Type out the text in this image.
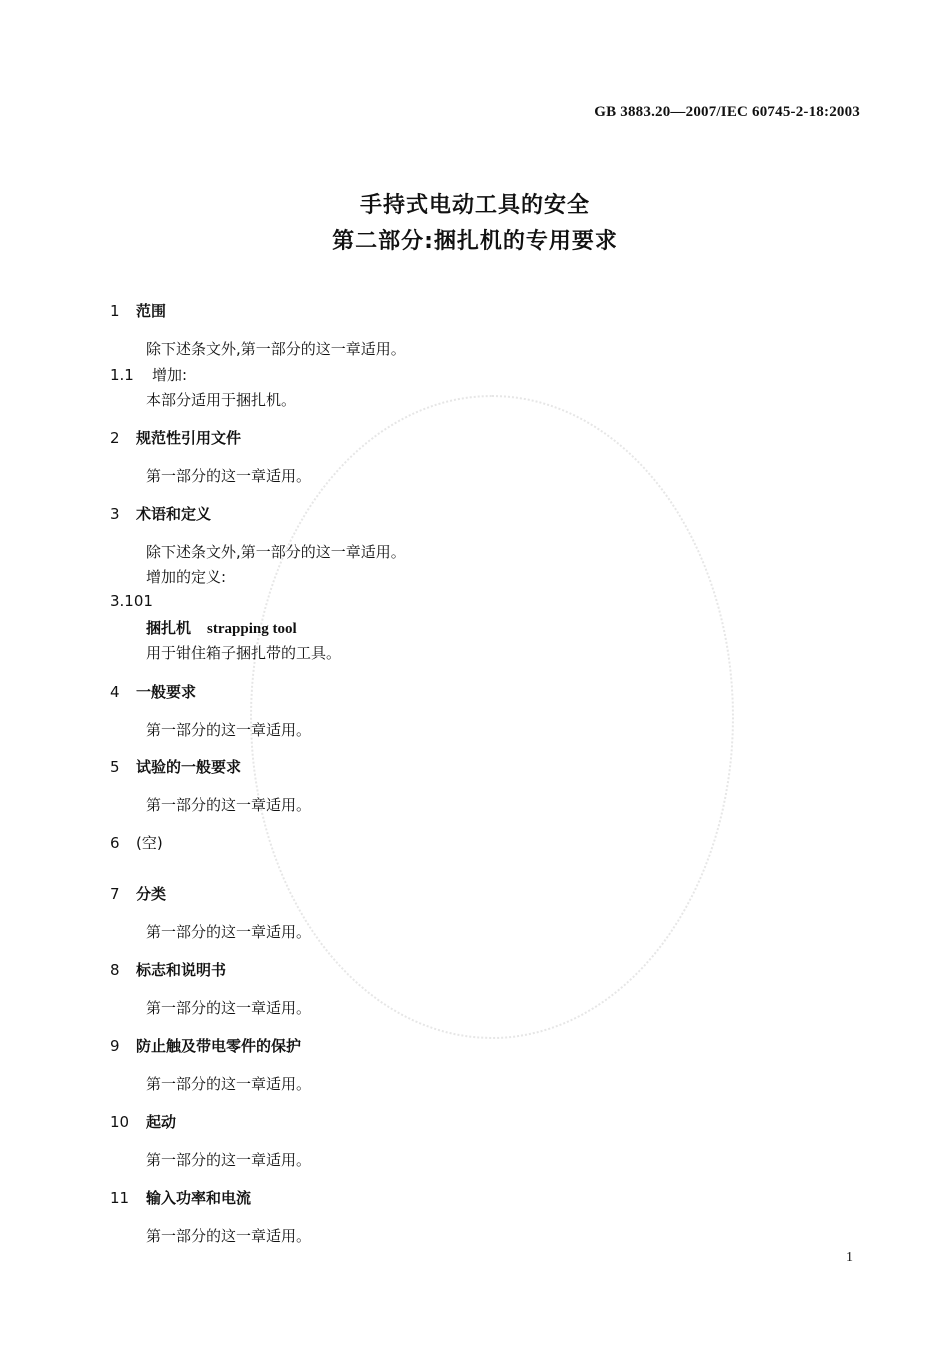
GB 3883.20—2007/IEC 60745-2-18:2003
手持式电动工具的安全
第二部分:捆扎机的专用要求
1 范围
除下述条文外,第一部分的这一章适用。
1.1 增加:
本部分适用于捆扎机。
2 规范性引用文件
第一部分的这一章适用。
3 术语和定义
除下述条文外,第一部分的这一章适用。
增加的定义:
3.101
捆扎机 strapping tool
用于钳住箱子捆扎带的工具。
4 一般要求
第一部分的这一章适用。
5 试验的一般要求
第一部分的这一章适用。
6 (空)
7 分类
第一部分的这一章适用。
8 标志和说明书
第一部分的这一章适用。
9 防止触及带电零件的保护
第一部分的这一章适用。
10 起动
第一部分的这一章适用。
11 输入功率和电流
第一部分的这一章适用。
1
